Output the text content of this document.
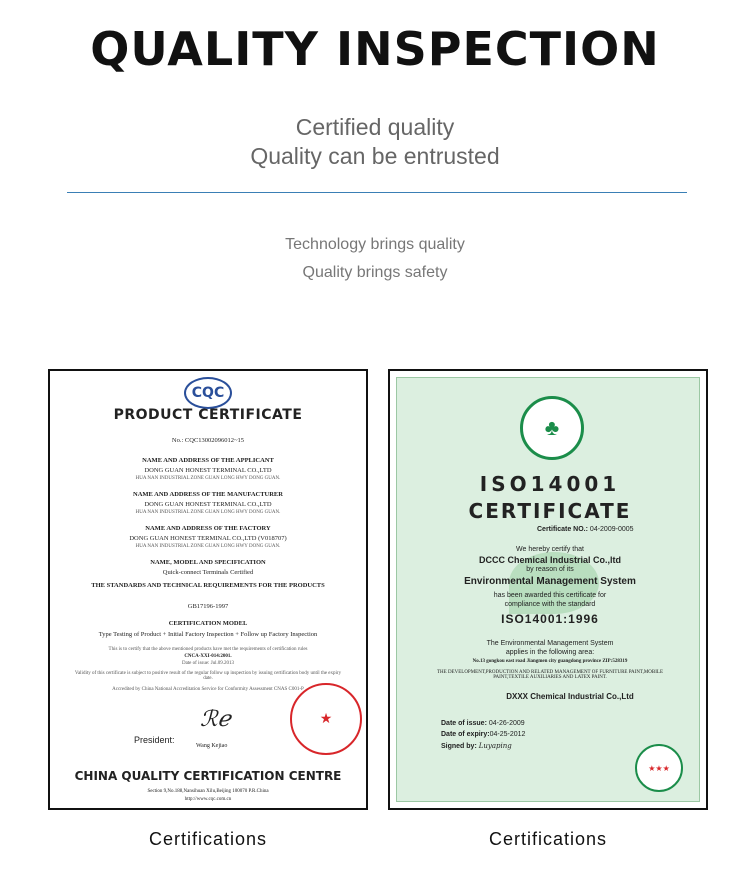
QUALITY INSPECTION
Certified quality
Quality can be entrusted
Technology brings quality
Quality brings safety
CQC
PRODUCT CERTIFICATE
No.: CQC13002096012~15
NAME AND ADDRESS OF THE APPLICANT
DONG GUAN HONEST TERMINAL CO.,LTD
HUA NAN INDUSTRIAL ZONE GUAN LONG HWY DONG GUAN.
NAME AND ADDRESS OF THE MANUFACTURER
DONG GUAN HONEST TERMINAL CO.,LTD
HUA NAN INDUSTRIAL ZONE GUAN LONG HWY DONG GUAN.
NAME AND ADDRESS OF THE FACTORY
DONG GUAN HONEST TERMINAL CO.,LTD (V018707)
HUA NAN INDUSTRIAL ZONE GUAN LONG HWY DONG GUAN.
NAME, MODEL AND SPECIFICATION
Quick-connect Terminals Certified
THE STANDARDS AND TECHNICAL REQUIREMENTS FOR THE PRODUCTS
GB17196-1997
CERTIFICATION MODEL
Type Testing of Product + Initial Factory Inspection + Follow up Factory Inspection
This is to certify that the above mentioned products have met the requirements of certification rules
CNCA-XXI-014:2001.
Date of issue: Jul.09.2013
Validity of this certificate is subject to positive result of the regular follow up inspection by issuing certification body until the expiry date.
Accredited by China National Accreditation Service for Conformity Assessment CNAS C001-P
ℛℯ
★
President:
Wang Kejiao
CHINA QUALITY CERTIFICATION CENTRE
Section 9,No.188,Nansihuan Xilu,Beijing 100070 P.R.China
http://www.cqc.com.cn
♣
ISO14001
CERTIFICATE
Certificate NO.: 04-2009-0005
We hereby certify that
DCCC Chemical Industrial Co.,ltd
by reason of its
Environmental Management System
has been awarded this certificate for
compliance with the standard
ISO14001:1996
The Environmental Management System
applies in the following area:
No.13 gongkou east road Jiangmen city guangdong province ZIP:528319
THE DEVELOPMENT,PRODUCTION AND RELATED MANAGEMENT OF FURNITURE PAINT,MOBILE PAINT,TEXTILE AUXILIARIES AND LATEX PAINT.
DXXX Chemical Industrial Co.,Ltd
Date of issue: 04-26-2009
Date of expiry:04-25-2012
Signed by: Luyaping
★★★
Certifications	Certifications
